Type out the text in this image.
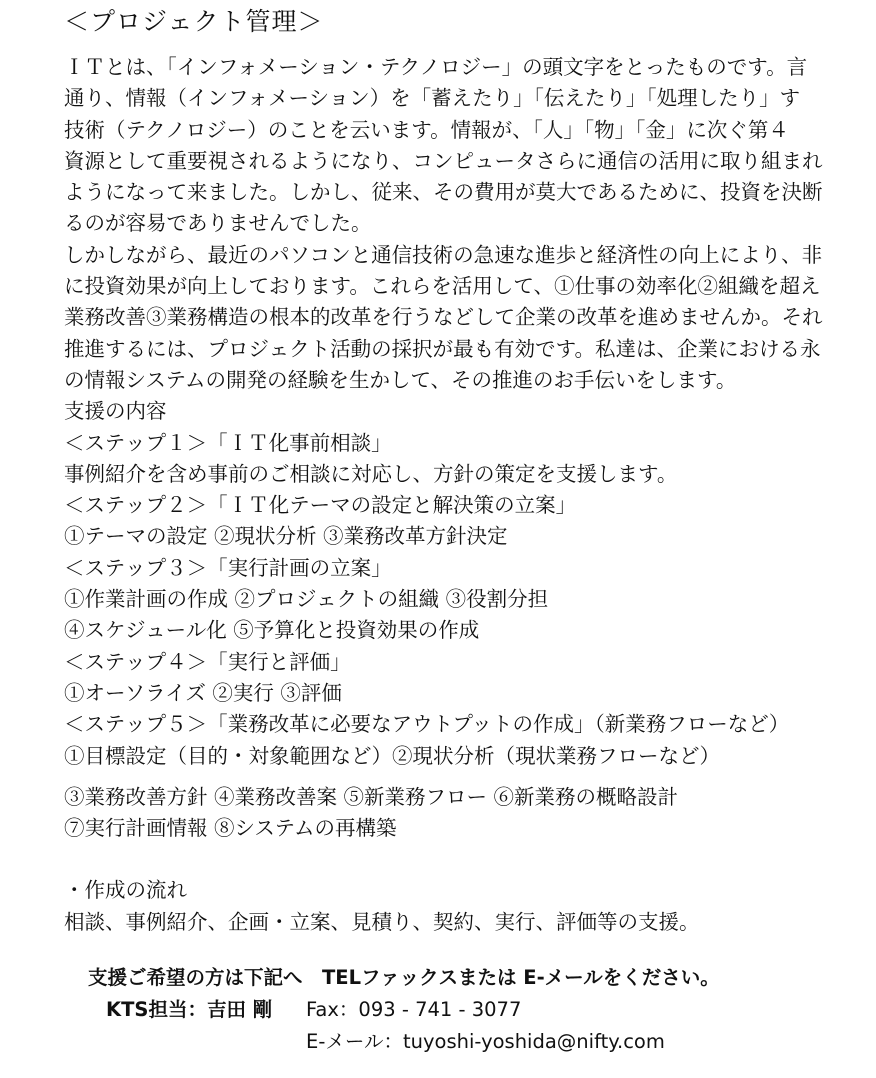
＜プロジェクト管理＞
ＩＴとは、「インフォメーション・テクノロジー」の頭文字をとったものです。言
通り、情報（インフォメーション）を「蓄えたり」「伝えたり」「処理したり」す
技術（テクノロジー）のことを云います。情報が、「人」「物」「金」に次ぐ第４
資源として重要視されるようになり、コンピュータさらに通信の活用に取り組まれ
ようになって来ました。しかし、従来、その費用が莫大であるために、投資を決断
るのが容易でありませんでした。
しかしながら、最近のパソコンと通信技術の急速な進歩と経済性の向上により、非
に投資効果が向上しております。これらを活用して、①仕事の効率化②組織を超え
業務改善③業務構造の根本的改革を行うなどして企業の改革を進めませんか。それ
推進するには、プロジェクト活動の採択が最も有効です。私達は、企業における永
の情報システムの開発の経験を生かして、その推進のお手伝いをします。
支援の内容
＜ステップ１＞「ＩＴ化事前相談」
事例紹介を含め事前のご相談に対応し、方針の策定を支援します。
＜ステップ２＞「ＩＴ化テーマの設定と解決策の立案」
①テーマの設定 ②現状分析 ③業務改革方針決定
＜ステップ３＞「実行計画の立案」
①作業計画の作成 ②プロジェクトの組織 ③役割分担
④スケジュール化 ⑤予算化と投資効果の作成
＜ステップ４＞「実行と評価」
①オーソライズ ②実行 ③評価
＜ステップ５＞「業務改革に必要なアウトプットの作成」（新業務フローなど）
①目標設定（目的・対象範囲など）②現状分析（現状業務フローなど）
③業務改善方針 ④業務改善案 ⑤新業務フロー ⑥新業務の概略設計
⑦実行計画情報 ⑧システムの再構築
・作成の流れ
相談、事例紹介、企画・立案、見積り、契約、実行、評価等の支援。
支援ご希望の方は下記へ　TELファックスまたは E-メールをください。
KTS担当：吉田 剛 Fax：093 - 741 - 3077
E-メール：tuyoshi-yoshida@nifty.com
